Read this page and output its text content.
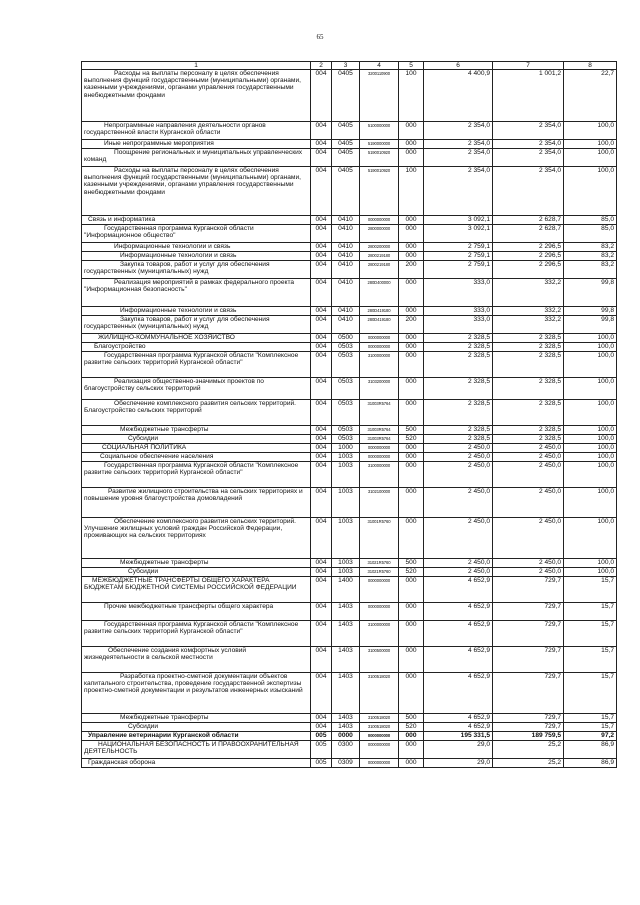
65
1	2	3	4	5	6	7	8
Расходы на выплаты персоналу в целях обеспечения выполнения функций государственными (муниципальными) органами, казенными учреждениями, органами управления государственными внебюджетными фондами	004	0405	3200110900	100	4 400,9	1 001,2	22,7
Непрограммные направления деятельности органов государственной власти Курганской области	004	0405	5100000000	000	2 354,0	2 354,0	100,0
Иные непрограммные мероприятия	004	0405	5190000000	000	2 354,0	2 354,0	100,0
Поощрение региональных и муниципальных управленческих команд	004	0405	5190010920	000	2 354,0	2 354,0	100,0
Расходы на выплаты персоналу в целях обеспечения выполнения функций государственными (муниципальными) органами, казенными учреждениями, органами управления государственными внебюджетными фондами	004	0405	5190010920	100	2 354,0	2 354,0	100,0
Связь и информатика	004	0410	0000000000	000	3 092,1	2 628,7	85,0
Государственная программа Курганской области "Информационное общество"	004	0410	2800000000	000	3 092,1	2 628,7	85,0
Информационные технологии и связь	004	0410	2800200000	000	2 759,1	2 296,5	83,2
Информационные технологии и связь	004	0410	2800219180	000	2 759,1	2 296,5	83,2
Закупка товаров, работ и услуг для обеспечения государственных (муниципальных) нужд	004	0410	2800219180	200	2 759,1	2 296,5	83,2
Реализация мероприятий в рамках федерального проекта "Информационная безопасность"	004	0410	280D400000	000	333,0	332,2	99,8
Информационные технологии и связь	004	0410	280D419180	000	333,0	332,2	99,8
Закупка товаров, работ и услуг для обеспечения государственных (муниципальных) нужд	004	0410	280D419180	200	333,0	332,2	99,8
ЖИЛИЩНО-КОММУНАЛЬНОЕ ХОЗЯЙСТВО	004	0500	0000000000	000	2 328,5	2 328,5	100,0
Благоустройство	004	0503	0000000000	000	2 328,5	2 328,5	100,0
Государственная программа Курганской области "Комплексное развитие сельских территорий Курганской области"	004	0503	3100000000	000	2 328,5	2 328,5	100,0
Реализация общественно-значимых проектов по благоустройству сельских территорий	004	0503	3103200000	000	2 328,5	2 328,5	100,0
Обеспечение комплексного развития сельских территорий. Благоустройство сельских территорий	004	0503	31003R5764	000	2 328,5	2 328,5	100,0
Межбюджетные трансферты	004	0503	31003R5764	500	2 328,5	2 328,5	100,0
Субсидии	004	0503	31003R5764	520	2 328,5	2 328,5	100,0
СОЦИАЛЬНАЯ ПОЛИТИКА	004	1000	0000000000	000	2 450,0	2 450,0	100,0
Социальное обеспечение населения	004	1003	0000000000	000	2 450,0	2 450,0	100,0
Государственная программа Курганской области "Комплексное развитие сельских территорий Курганской области"	004	1003	3100000000	000	2 450,0	2 450,0	100,0
Развитие жилищного строительства на сельских территориях и повышение уровня благоустройства домовладений	004	1003	3102100000	000	2 450,0	2 450,0	100,0
Обеспечение комплексного развития сельских территорий. Улучшение жилищных условий граждан Российской Федерации, проживающих на сельских территориях	004	1003	31001R5760	000	2 450,0	2 450,0	100,0
Межбюджетные трансферты	004	1003	31021R5760	500	2 450,0	2 450,0	100,0
Субсидии	004	1003	31021R5760	520	2 450,0	2 450,0	100,0
МЕЖБЮДЖЕТНЫЕ ТРАНСФЕРТЫ ОБЩЕГО ХАРАКТЕРА БЮДЖЕТАМ БЮДЖЕТНОЙ СИСТЕМЫ РОССИЙСКОЙ ФЕДЕРАЦИИ	004	1400	0000000000	000	4 652,9	729,7	15,7
Прочие межбюджетные трансферты общего характера	004	1403	0000000000	000	4 652,9	729,7	15,7
Государственная программа Курганской области "Комплексное развитие сельских территорий Курганской области"	004	1403	3100000000	000	4 652,9	729,7	15,7
Обеспечение создания комфортных условий жизнедеятельности в сельской местности	004	1403	3100500000	000	4 652,9	729,7	15,7
Разработка проектно-сметной документации объектов капитального строительства, проведение государственной экспертизы проектно-сметной документации и результатов инженерных изысканий	004	1403	3100518020	000	4 652,9	729,7	15,7
Межбюджетные трансферты	004	1403	3100518020	500	4 652,9	729,7	15,7
Субсидии	004	1403	3100518020	520	4 652,9	729,7	15,7
Управление ветеринарии Курганской области	005	0000	0000000000	000	195 331,5	189 759,5	97,2
НАЦИОНАЛЬНАЯ БЕЗОПАСНОСТЬ И ПРАВООХРАНИТЕЛЬНАЯ ДЕЯТЕЛЬНОСТЬ	005	0300	0000000000	000	29,0	25,2	86,9
Гражданская оборона	005	0309	0000000000	000	29,0	25,2	86,9
